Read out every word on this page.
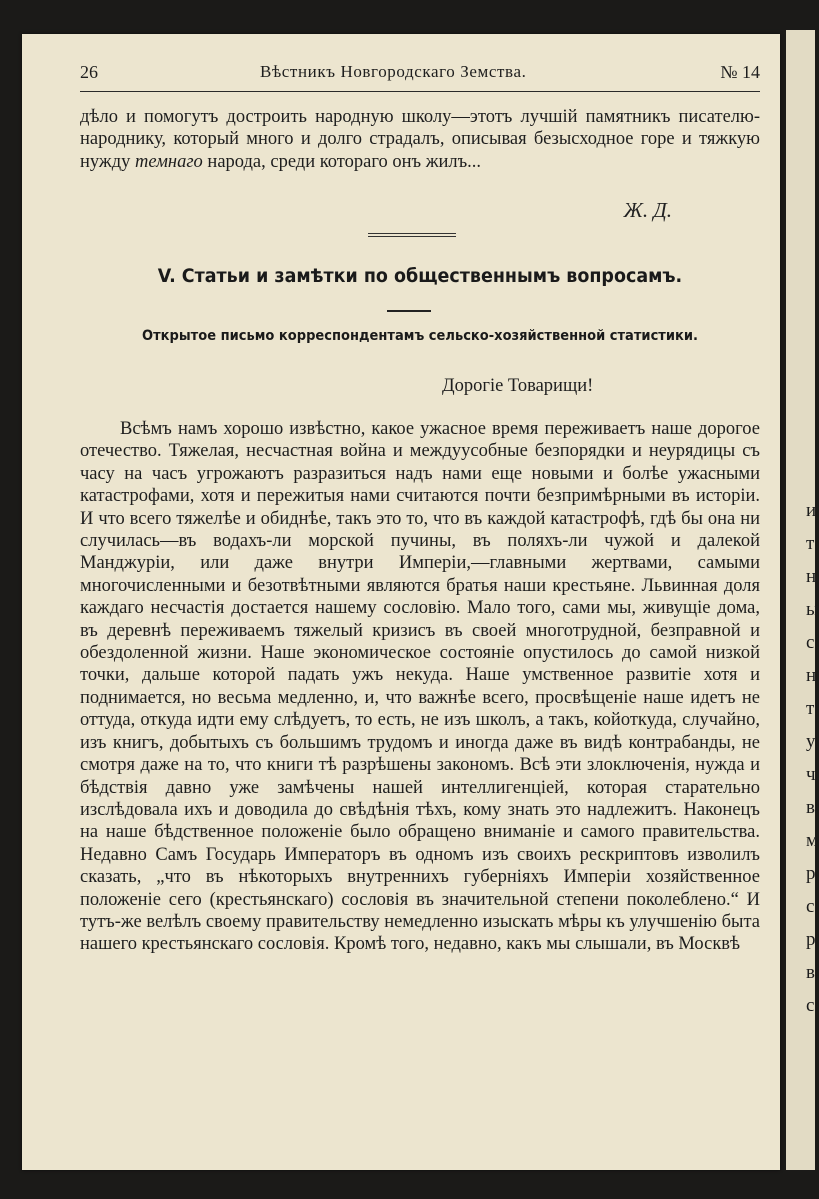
26	Вѣстникъ Новгородскаго Земства.	№ 14

дѣло и помогутъ достроить народную школу—этотъ лучшій памятникъ писателю-народнику, который много и долго страдалъ, описывая безысходное горе и тяжкую нужду темнаго народа, среди котораго онъ жилъ...

Ж. Д.
V. Статьи и замѣтки по общественнымъ вопросамъ.
Открытое письмо корреспондентамъ сельско-хозяйственной статистики.
Дорогіе Товарищи!

Всѣмъ намъ хорошо извѣстно, какое ужасное время переживаетъ наше дорогое отечество. Тяжелая, несчастная война и междуусобные безпорядки и неурядицы съ часу на часъ угрожаютъ разразиться надъ нами еще новыми и болѣе ужасными катастрофами, хотя и пережитыя нами считаются почти безпримѣрными въ исторіи. И что всего тяжелѣе и обиднѣе, такъ это то, что въ каждой катастрофѣ, гдѣ бы она ни случилась—въ водахъ-ли морской пучины, въ поляхъ-ли чужой и далекой Манджуріи, или даже внутри Имперіи,—главными жертвами, самыми многочисленными и безотвѣтными являются братья наши крестьяне. Львинная доля каждаго несчастія достается нашему сословію. Мало того, сами мы, живущіе дома, въ деревнѣ переживаемъ тяжелый кризисъ въ своей многотрудной, безправной и обездоленной жизни. Наше экономическое состояніе опустилось до самой низкой точки, дальше которой падать ужъ некуда. Наше умственное развитіе хотя и поднимается, но весьма медленно, и, что важнѣе всего, просвѣщеніе наше идетъ не оттуда, откуда идти ему слѣдуетъ, то есть, не изъ школъ, а такъ, койоткуда, случайно, изъ книгъ, добытыхъ съ большимъ трудомъ и иногда даже въ видѣ контрабанды, не смотря даже на то, что книги тѣ разрѣшены закономъ. Всѣ эти злоключенія, нужда и бѣдствія давно уже замѣчены нашей интеллигенціей, которая старательно изслѣдовала ихъ и доводила до свѣдѣнія тѣхъ, кому знать это надлежитъ. Наконецъ на наше бѣдственное положеніе было обращено вниманіе и самого правительства. Недавно Самъ Государь Императоръ въ одномъ изъ своихъ рескриптовъ изволилъ сказать, „что въ нѣкоторыхъ внутреннихъ губерніяхъ Имперіи хозяйственное положеніе сего (крестьянскаго) сословія въ значительной степени поколеблено.“ И тутъ-же велѣлъ своему правительству немедленно изыскать мѣры къ улучшенію быта нашего крестьянскаго сословія. Кромѣ того, недавно, какъ мы слышали, въ Москвѣ

и
т
н
ы
с
н
т
у
ч
в
м
р
с
р
в
с
